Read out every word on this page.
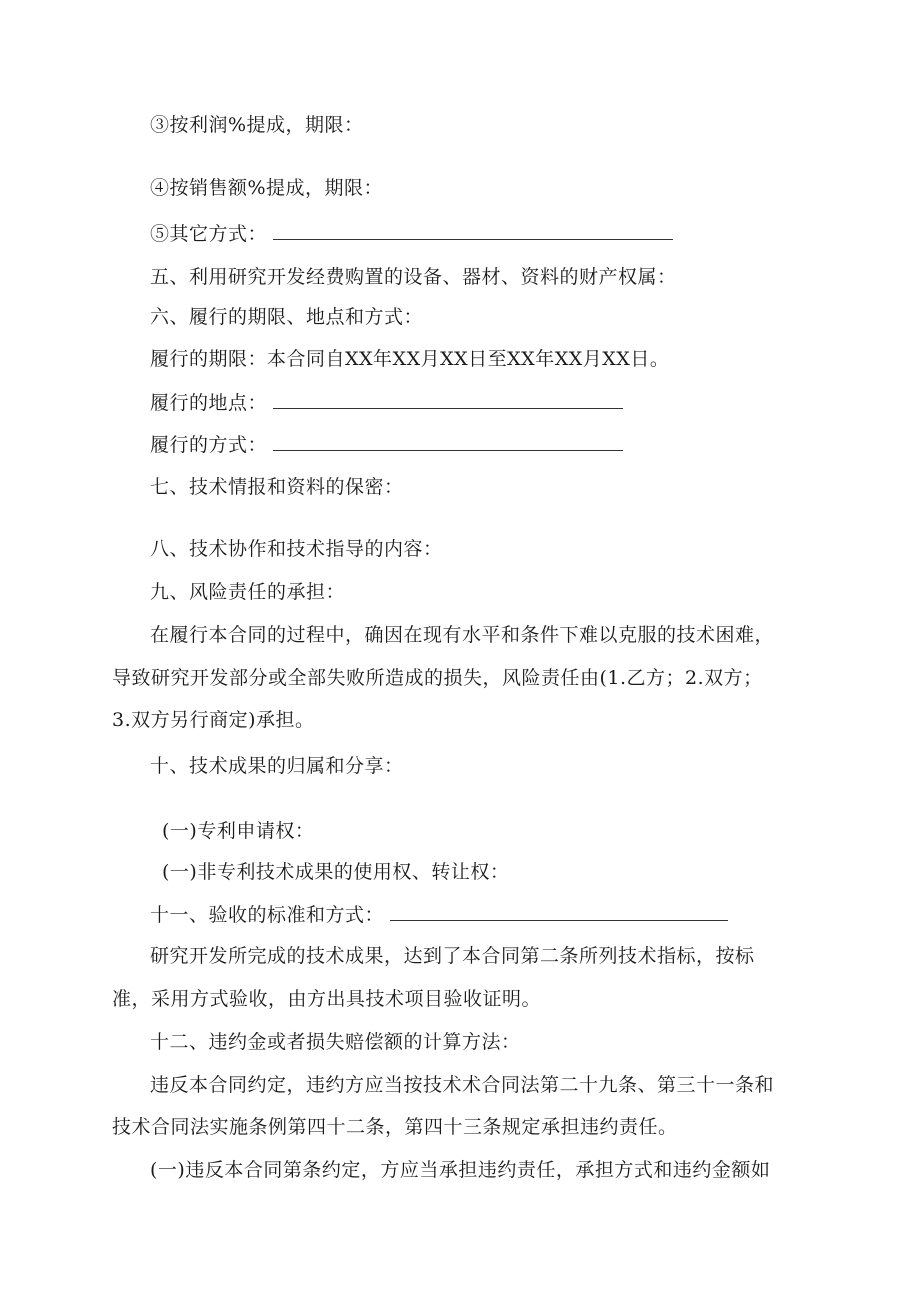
③按利润%提成，期限：
④按销售额%提成，期限：
⑤其它方式：
五、利用研究开发经费购置的设备、器材、资料的财产权属：
六、履行的期限、地点和方式：
履行的期限：本合同自XX年XX月XX日至XX年XX月XX日。
履行的地点：
履行的方式：
七、技术情报和资料的保密：
八、技术协作和技术指导的内容：
九、风险责任的承担：
在履行本合同的过程中，确因在现有水平和条件下难以克服的技术困难，
导致研究开发部分或全部失败所造成的损失，风险责任由(1.乙方；2.双方；
3.双方另行商定)承担。
十、技术成果的归属和分享：
(一)专利申请权：
(一)非专利技术成果的使用权、转让权：
十一、验收的标准和方式：
研究开发所完成的技术成果，达到了本合同第二条所列技术指标，按标
准，采用方式验收，由方出具技术项目验收证明。
十二、违约金或者损失赔偿额的计算方法：
违反本合同约定，违约方应当按技术术合同法第二十九条、第三十一条和
技术合同法实施条例第四十二条，第四十三条规定承担违约责任。
(一)违反本合同第条约定，方应当承担违约责任，承担方式和违约金额如
